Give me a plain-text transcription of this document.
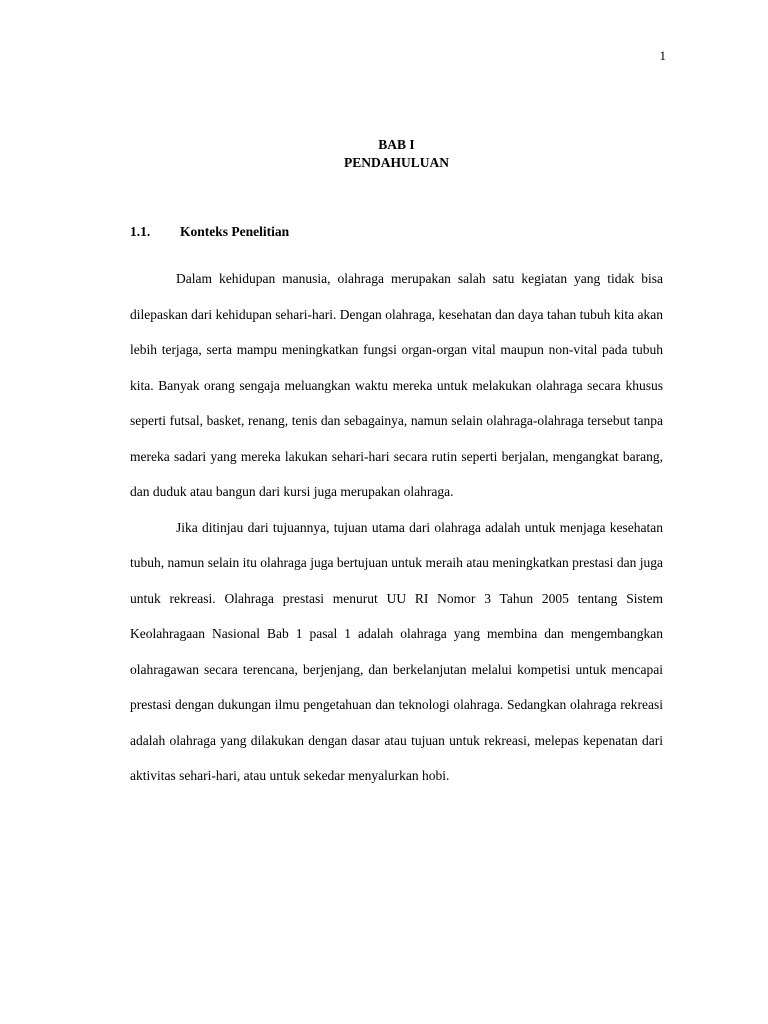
1
BAB I
PENDAHULUAN
1.1. Konteks Penelitian

Dalam kehidupan manusia, olahraga merupakan salah satu kegiatan yang tidak bisa dilepaskan dari kehidupan sehari-hari. Dengan olahraga, kesehatan dan daya tahan tubuh kita akan lebih terjaga, serta mampu meningkatkan fungsi organ-organ vital maupun non-vital pada tubuh kita. Banyak orang sengaja meluangkan waktu mereka untuk melakukan olahraga secara khusus seperti futsal, basket, renang, tenis dan sebagainya, namun selain olahraga-olahraga tersebut tanpa mereka sadari yang mereka lakukan sehari-hari secara rutin seperti berjalan, mengangkat barang, dan duduk atau bangun dari kursi juga merupakan olahraga.

Jika ditinjau dari tujuannya, tujuan utama dari olahraga adalah untuk menjaga kesehatan tubuh, namun selain itu olahraga juga bertujuan untuk meraih atau meningkatkan prestasi dan juga untuk rekreasi. Olahraga prestasi menurut UU RI Nomor 3 Tahun 2005 tentang Sistem Keolahragaan Nasional Bab 1 pasal 1 adalah olahraga yang membina dan mengembangkan olahragawan secara terencana, berjenjang, dan berkelanjutan melalui kompetisi untuk mencapai prestasi dengan dukungan ilmu pengetahuan dan teknologi olahraga. Sedangkan olahraga rekreasi adalah olahraga yang dilakukan dengan dasar atau tujuan untuk rekreasi, melepas kepenatan dari aktivitas sehari-hari, atau untuk sekedar menyalurkan hobi.
